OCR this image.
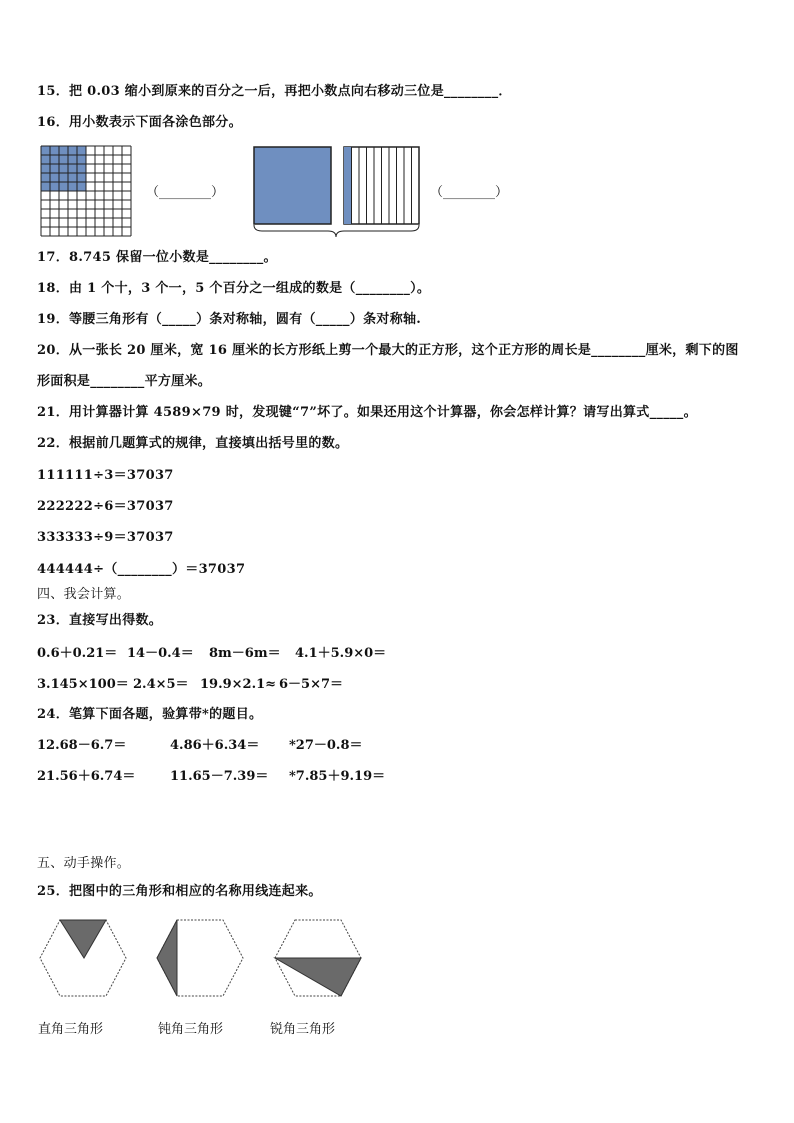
15．把 0.03 缩小到原来的百分之一后，再把小数点向右移动三位是________．
16．用小数表示下面各涂色部分。
（________）	（________）
17．8.745 保留一位小数是________。
18．由 1 个十，3 个一，5 个百分之一组成的数是（________）。
19．等腰三角形有（_____）条对称轴，圆有（_____）条对称轴.
20．从一张长 20 厘米，宽 16 厘米的长方形纸上剪一个最大的正方形，这个正方形的周长是________厘米，剩下的图
形面积是________平方厘米。
21．用计算器计算 4589×79 时，发现键“7”坏了。如果还用这个计算器，你会怎样计算？请写出算式_____。
22．根据前几题算式的规律，直接填出括号里的数。
111111÷3＝37037
222222÷6＝37037
333333÷9＝37037
444444÷（________）＝37037
四、我会计算。
23．直接写出得数。
0.6＋0.21＝ 14－0.4＝ 8m－6m＝ 4.1＋5.9×0＝
3.145×100＝ 2.4×5＝ 19.9×2.1≈ 6－5×7＝
24．笔算下面各题，验算带*的题目。
12.68－6.7＝	4.86＋6.34＝ *27－0.8＝
21.56＋6.74＝	11.65－7.39＝ *7.85＋9.19＝
五、动手操作。
25．把图中的三角形和相应的名称用线连起来。
直角三角形	钝角三角形	锐角三角形
